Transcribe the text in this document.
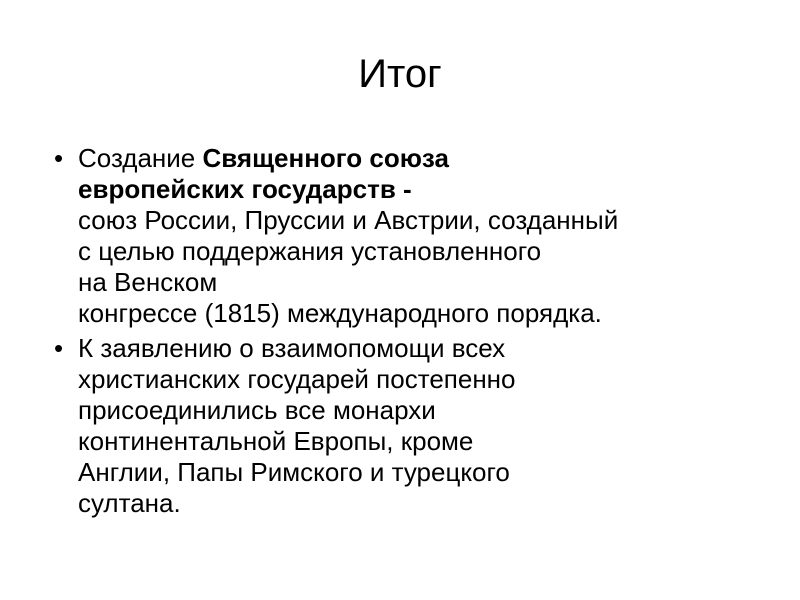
Итог
• Создание Священного союза
европейских государств -
союз России, Пруссии и Австрии, созданный
с целью поддержания установленного
на Венском
конгрессе (1815) международного порядка.
• К заявлению о взаимопомощи всех
христианских государей постепенно
присоединились все монархи
континентальной Европы, кроме
Англии, Папы Римского и турецкого
султана.
